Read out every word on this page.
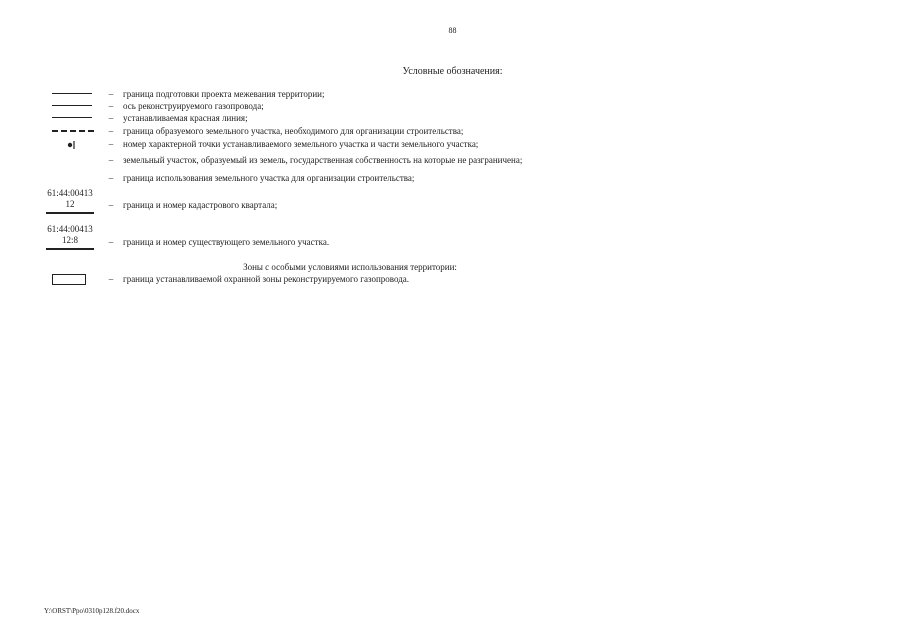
88
Условные обозначения:
– граница подготовки проекта межевания территории;
– ось реконструируемого газопровода;
– устанавливаемая красная линия;
– граница образуемого земельного участка, необходимого для организации строительства;
– номер характерной точки устанавливаемого земельного участка и части земельного участка;
– земельный участок, образуемый из земель, государственная собственность на которые не разграничена;
– граница использования земельного участка для организации строительства;
61:44:00413
12	– граница и номер кадастрового квартала;
61:44:00413
12:8	– граница и номер существующего земельного участка.
Зоны с особыми условиями использования территории:
– граница устанавливаемой охранной зоны реконструируемого газопровода.
Y:\ORST\Ppo\0310p128.f20.docx
